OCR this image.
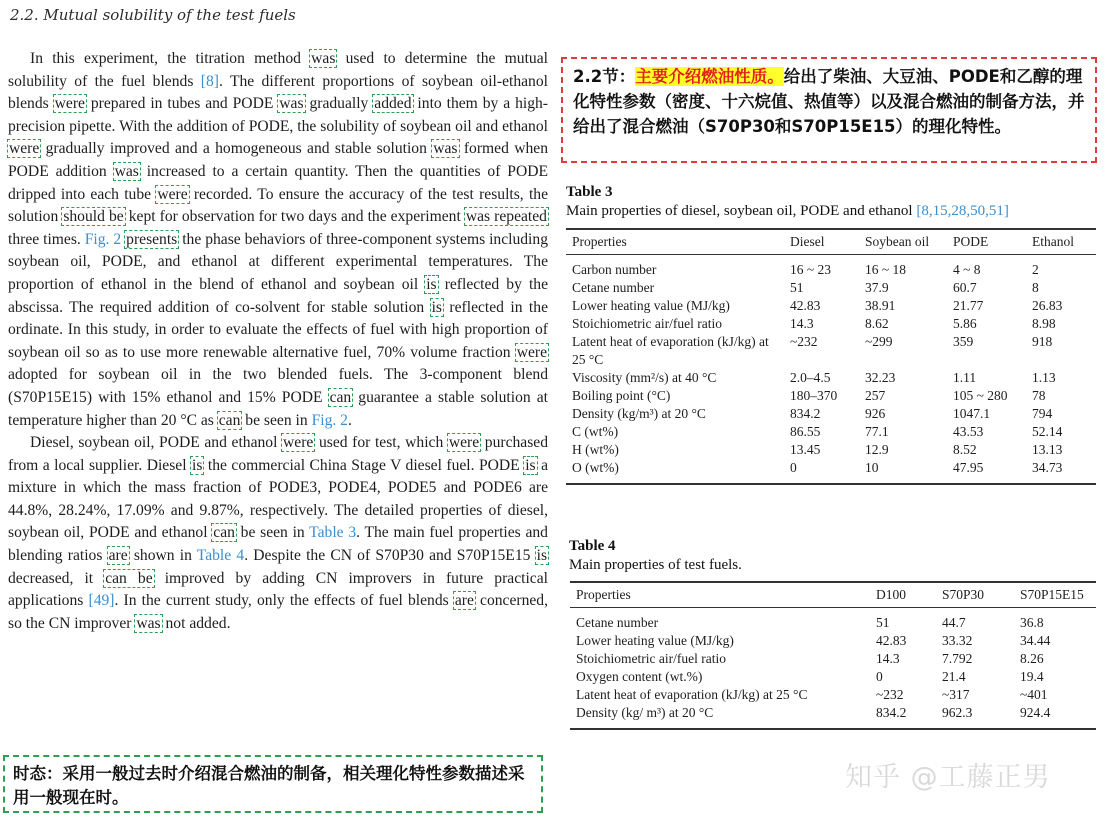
2.2. Mutual solubility of the test fuels

In this experiment, the titration method was used to determine the mutual solubility of the fuel blends [8]. The different proportions of soybean oil-ethanol blends were prepared in tubes and PODE was gradually added into them by a high-precision pipette. With the addition of PODE, the solubility of soybean oil and ethanol were gradually improved and a homogeneous and stable solution was formed when PODE addition was increased to a certain quantity. Then the quantities of PODE dripped into each tube were recorded. To ensure the accuracy of the test results, the solution should be kept for observation for two days and the experiment was repeated three times. Fig. 2 presents the phase behaviors of three-component systems including soybean oil, PODE, and ethanol at different experimental temperatures. The proportion of ethanol in the blend of ethanol and soybean oil is reflected by the abscissa. The required addition of co-solvent for stable solution is reflected in the ordinate. In this study, in order to evaluate the effects of fuel with high proportion of soybean oil so as to use more renewable alternative fuel, 70% volume fraction were adopted for soybean oil in the two blended fuels. The 3-component blend (S70P15E15) with 15% ethanol and 15% PODE can guarantee a stable solution at temperature higher than 20 °C as can be seen in Fig. 2.

Diesel, soybean oil, PODE and ethanol were used for test, which were purchased from a local supplier. Diesel is the commercial China Stage V diesel fuel. PODE is a mixture in which the mass fraction of PODE3, PODE4, PODE5 and PODE6 are 44.8%, 28.24%, 17.09% and 9.87%, respectively. The detailed properties of diesel, soybean oil, PODE and ethanol can be seen in Table 3. The main fuel properties and blending ratios are shown in Table 4. Despite the CN of S70P30 and S70P15E15 is decreased, it can be improved by adding CN improvers in future practical applications [49]. In the current study, only the effects of fuel blends are concerned, so the CN improver was not added.

2.2节：主要介绍燃油性质。给出了柴油、大豆油、PODE和乙醇的理化特性参数（密度、十六烷值、热值等）以及混合燃油的制备方法，并给出了混合燃油（S70P30和S70P15E15）的理化特性。
Table 3
Main properties of diesel, soybean oil, PODE and ethanol [8,15,28,50,51]
Properties	Diesel	Soybean oil	PODE	Ethanol
Carbon number	16 ~ 23	16 ~ 18	4 ~ 8	2
Cetane number	51	37.9	60.7	8
Lower heating value (MJ/kg)	42.83	38.91	21.77	26.83
Stoichiometric air/fuel ratio	14.3	8.62	5.86	8.98
Latent heat of evaporation (kJ/kg) at 25 °C	~232	~299	359	918
Viscosity (mm²/s) at 40 °C	2.0–4.5	32.23	1.11	1.13
Boiling point (°C)	180–370	257	105 ~ 280	78
Density (kg/m³) at 20 °C	834.2	926	1047.1	794
C (wt%)	86.55	77.1	43.53	52.14
H (wt%)	13.45	12.9	8.52	13.13
O (wt%)	0	10	47.95	34.73
Table 4
Main properties of test fuels.
Properties	D100	S70P30	S70P15E15
Cetane number	51	44.7	36.8
Lower heating value (MJ/kg)	42.83	33.32	34.44
Stoichiometric air/fuel ratio	14.3	7.792	8.26
Oxygen content (wt.%)	0	21.4	19.4
Latent heat of evaporation (kJ/kg) at 25 °C	~232	~317	~401
Density (kg/ m³) at 20 °C	834.2	962.3	924.4
时态：采用一般过去时介绍混合燃油的制备，相关理化特性参数描述采用一般现在时。
知乎 @工藤正男
